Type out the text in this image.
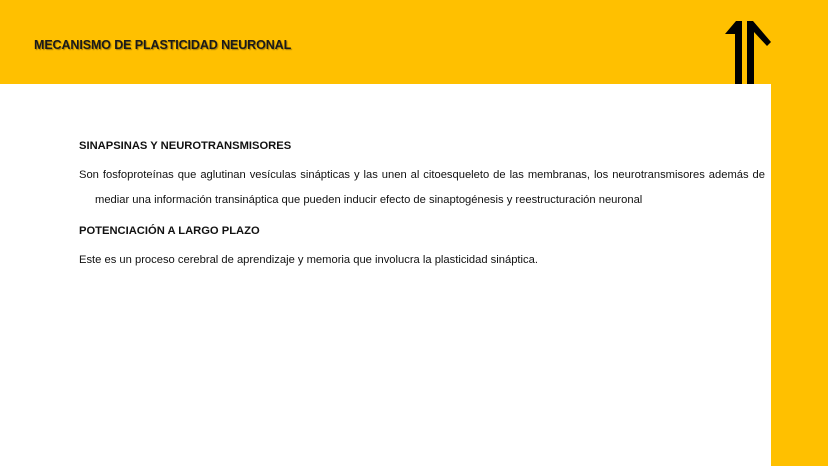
MECANISMO DE PLASTICIDAD NEURONAL
SINAPSINAS Y NEUROTRANSMISORES

Son fosfoproteínas que aglutinan vesículas sinápticas y las unen al citoesqueleto de las membranas, los neurotransmisores además de mediar una información transináptica que pueden inducir efecto de sinaptogénesis y reestructuración neuronal

POTENCIACIÓN A LARGO PLAZO

Este es un proceso cerebral de aprendizaje y memoria que involucra la plasticidad sináptica.
